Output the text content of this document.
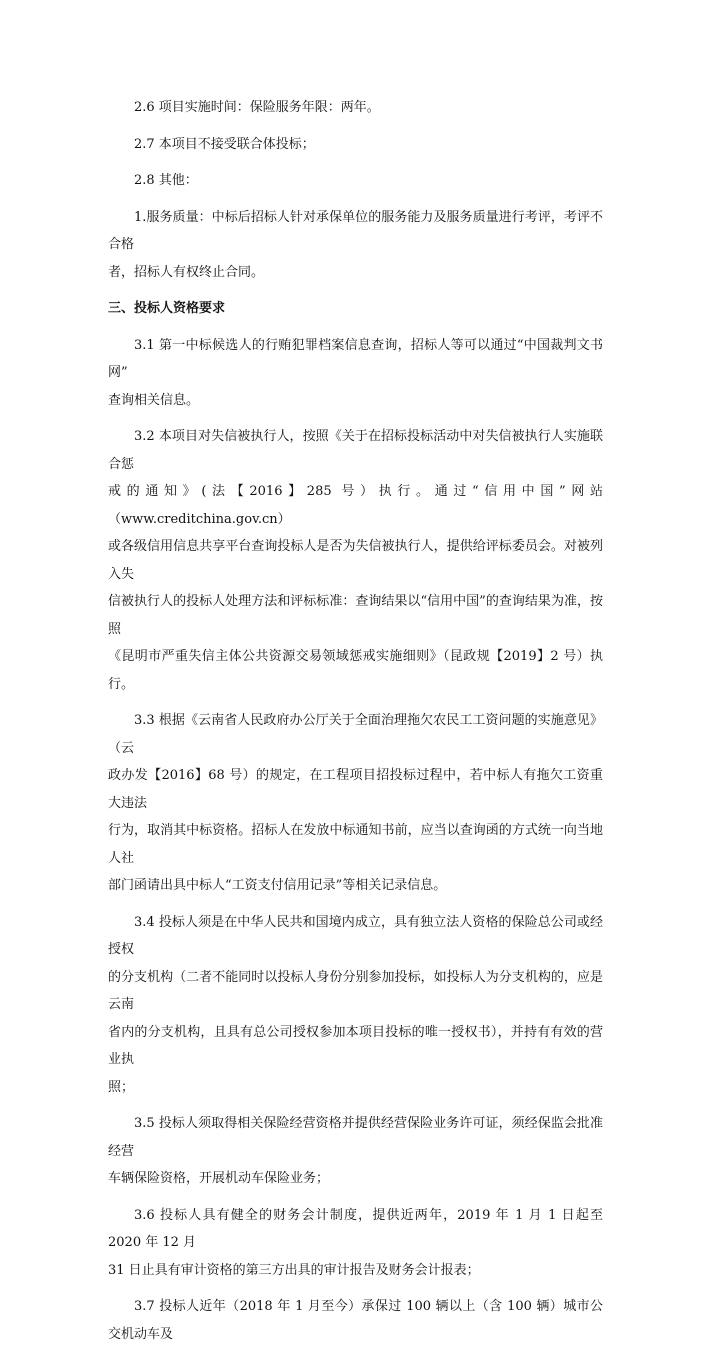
2.6 项目实施时间：保险服务年限：两年。

2.7 本项目不接受联合体投标；

2.8 其他：

1.服务质量：中标后招标人针对承保单位的服务能力及服务质量进行考评，考评不合格
者，招标人有权终止合同。

三、投标人资格要求

3.1 第一中标候选人的行贿犯罪档案信息查询，招标人等可以通过“中国裁判文书网”
查询相关信息。

3.2 本项目对失信被执行人，按照《关于在招标投标活动中对失信被执行人实施联合惩
戒的通知》(法【2016】285 号）执行。通过“信用中国”网站（www.creditchina.gov.cn）
或各级信用信息共享平台查询投标人是否为失信被执行人，提供给评标委员会。对被列入失
信被执行人的投标人处理方法和评标标准：查询结果以“信用中国”的查询结果为准，按照
《昆明市严重失信主体公共资源交易领域惩戒实施细则》（昆政规【2019】2 号）执行。

3.3 根据《云南省人民政府办公厅关于全面治理拖欠农民工工资问题的实施意见》（云
政办发【2016】68 号）的规定，在工程项目招投标过程中，若中标人有拖欠工资重大违法
行为，取消其中标资格。招标人在发放中标通知书前，应当以查询函的方式统一向当地人社
部门函请出具中标人“工资支付信用记录”等相关记录信息。

3.4 投标人须是在中华人民共和国境内成立，具有独立法人资格的保险总公司或经授权
的分支机构（二者不能同时以投标人身份分别参加投标，如投标人为分支机构的，应是云南
省内的分支机构，且具有总公司授权参加本项目投标的唯一授权书），并持有有效的营业执
照；

3.5 投标人须取得相关保险经营资格并提供经营保险业务许可证，须经保监会批准经营
车辆保险资格，开展机动车保险业务；

3.6 投标人具有健全的财务会计制度，提供近两年，2019 年 1 月 1 日起至 2020 年 12 月
31 日止具有审计资格的第三方出具的审计报告及财务会计报表；

3.7 投标人近年（2018 年 1 月至今）承保过 100 辆以上（含 100 辆）城市公交机动车及
